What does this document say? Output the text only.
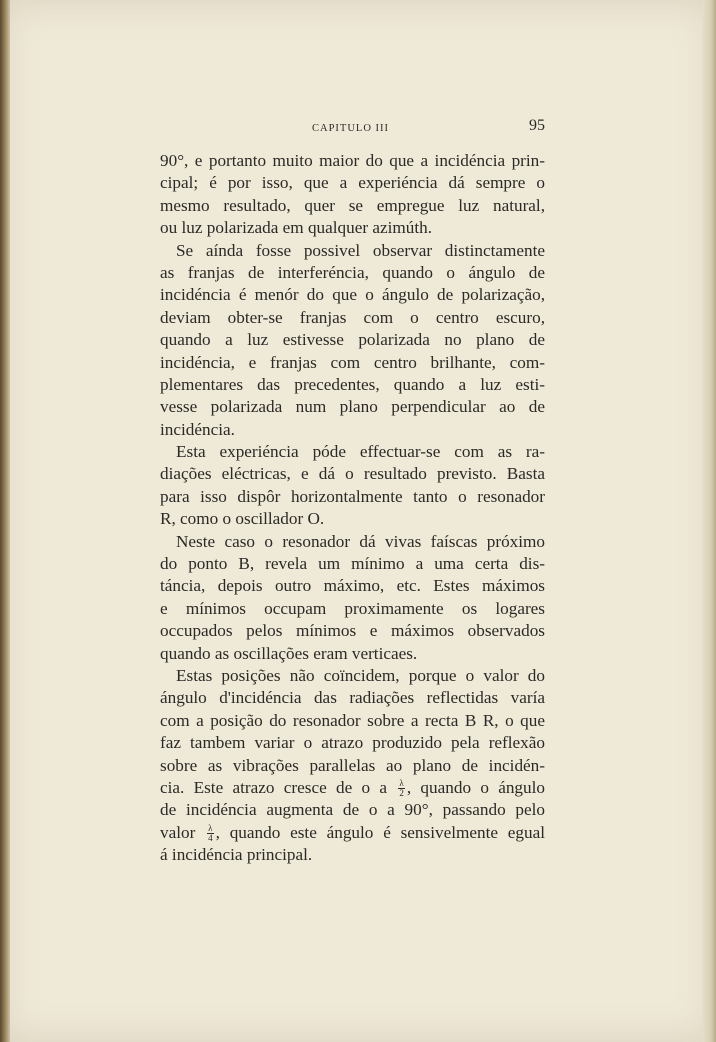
CAPITULO III	95
90°, e portanto muito maior do que a incidéncia prin-
cipal; é por isso, que a experiéncia dá sempre o
mesmo resultado, quer se empregue luz natural,
ou luz polarizada em qualquer azimúth.
Se aínda fosse possivel observar distinctamente
as franjas de interferéncia, quando o ángulo de
incidéncia é menór do que o ángulo de polarização,
deviam obter-se franjas com o centro escuro,
quando a luz estivesse polarizada no plano de
incidéncia, e franjas com centro brilhante, com-
plementares das precedentes, quando a luz esti-
vesse polarizada num plano perpendicular ao de
incidéncia.
Esta experiéncia póde effectuar-se com as ra-
diações eléctricas, e dá o resultado previsto. Basta
para isso dispôr horizontalmente tanto o resonador
R, como o oscillador O.
Neste caso o resonador dá vivas faíscas próximo
do ponto B, revela um mínimo a uma certa dis-
táncia, depois outro máximo, etc. Estes máximos
e mínimos occupam proximamente os logares
occupados pelos mínimos e máximos observados
quando as oscillações eram verticaes.
Estas posições não coïncidem, porque o valor do
ángulo d'incidéncia das radiações reflectidas varía
com a posição do resonador sobre a recta B R, o que
faz tambem variar o atrazo produzido pela reflexão
sobre as vibrações parallelas ao plano de incidén-
cia. Este atrazo cresce de o a $\frac{\lambda}{2}$ , quando o ángulo
de incidéncia augmenta de o a 90°, passando pelo
valor $\frac{\lambda}{4}$ , quando este ángulo é sensivelmente egual
á incidéncia principal.
